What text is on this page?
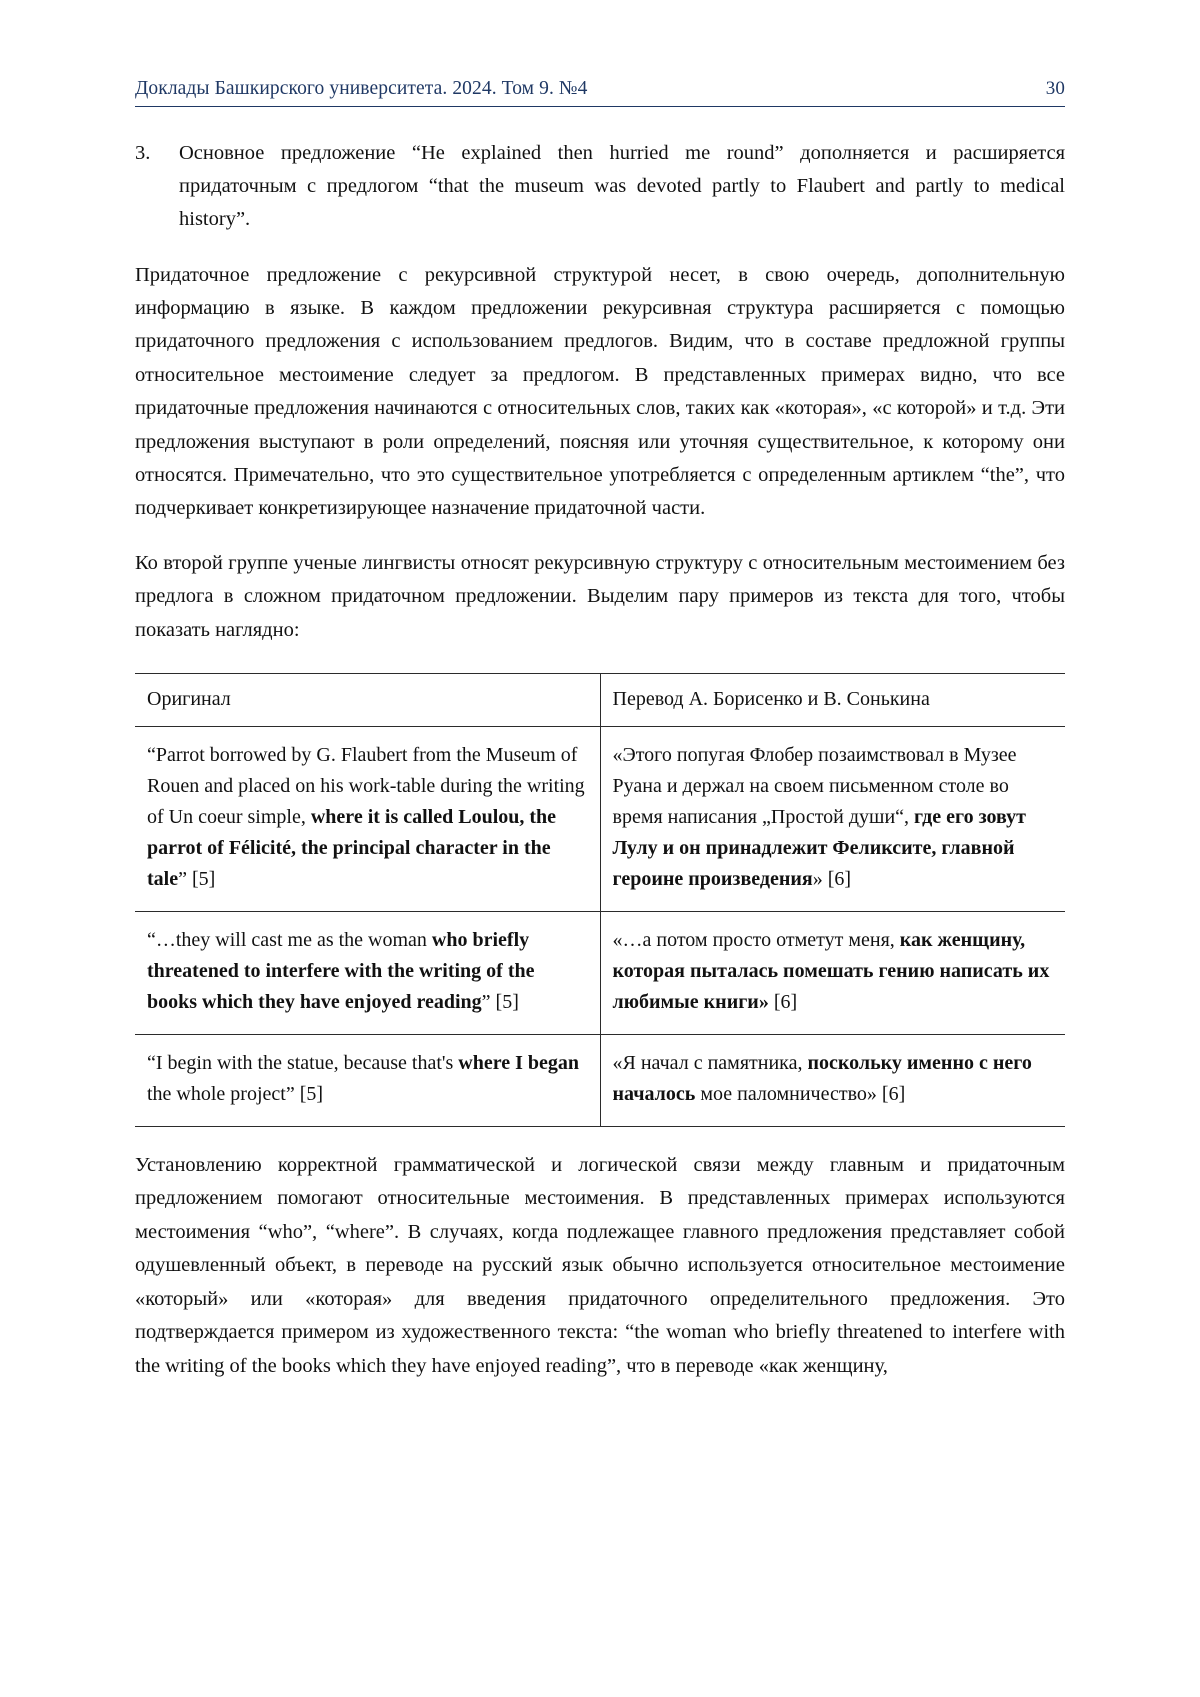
Доклады Башкирского университета. 2024. Том 9. №4	30
3.	Основное предложение “He explained then hurried me round” дополняется и расширяется придаточным с предлогом “that the museum was devoted partly to Flaubert and partly to medical history”.

Придаточное предложение с рекурсивной структурой несет, в свою очередь, дополнительную информацию в языке. В каждом предложении рекурсивная структура расширяется с помощью придаточного предложения с использованием предлогов. Видим, что в составе предложной группы относительное местоимение следует за предлогом. В представленных примерах видно, что все придаточные предложения начинаются с относительных слов, таких как «которая», «с которой» и т.д. Эти предложения выступают в роли определений, поясняя или уточняя существительное, к которому они относятся. Примечательно, что это существительное употребляется с определенным артиклем “the”, что подчеркивает конкретизирующее назначение придаточной части.

Ко второй группе ученые лингвисты относят рекурсивную структуру с относительным местоимением без предлога в сложном придаточном предложении. Выделим пару примеров из текста для того, чтобы показать наглядно:

Оригинал	Перевод А. Борисенко и В. Сонькина
“Parrot borrowed by G. Flaubert from the Museum of Rouen and placed on his work-table during the writing of Un coeur simple, where it is called Loulou, the parrot of Félicité, the principal character in the tale” [5]	«Этого попугая Флобер позаимствовал в Музее Руана и держал на своем письменном столе во время написания „Простой души“, где его зовут Лулу и он принадлежит Феликсите, главной героине произведения» [6]
“…they will cast me as the woman who briefly threatened to interfere with the writing of the books which they have enjoyed reading” [5]	«…а потом просто отметут меня, как женщину, которая пыталась помешать гению написать их любимые книги» [6]
“I begin with the statue, because that's where I began the whole project” [5]	«Я начал с памятника, поскольку именно с него началось мое паломничество» [6]

Установлению корректной грамматической и логической связи между главным и придаточным предложением помогают относительные местоимения. В представленных примерах используются местоимения “who”, “where”. В случаях, когда подлежащее главного предложения представляет собой одушевленный объект, в переводе на русский язык обычно используется относительное местоимение «который» или «которая» для введения придаточного определительного предложения. Это подтверждается примером из художественного текста: “the woman who briefly threatened to interfere with the writing of the books which they have enjoyed reading”, что в переводе «как женщину,
